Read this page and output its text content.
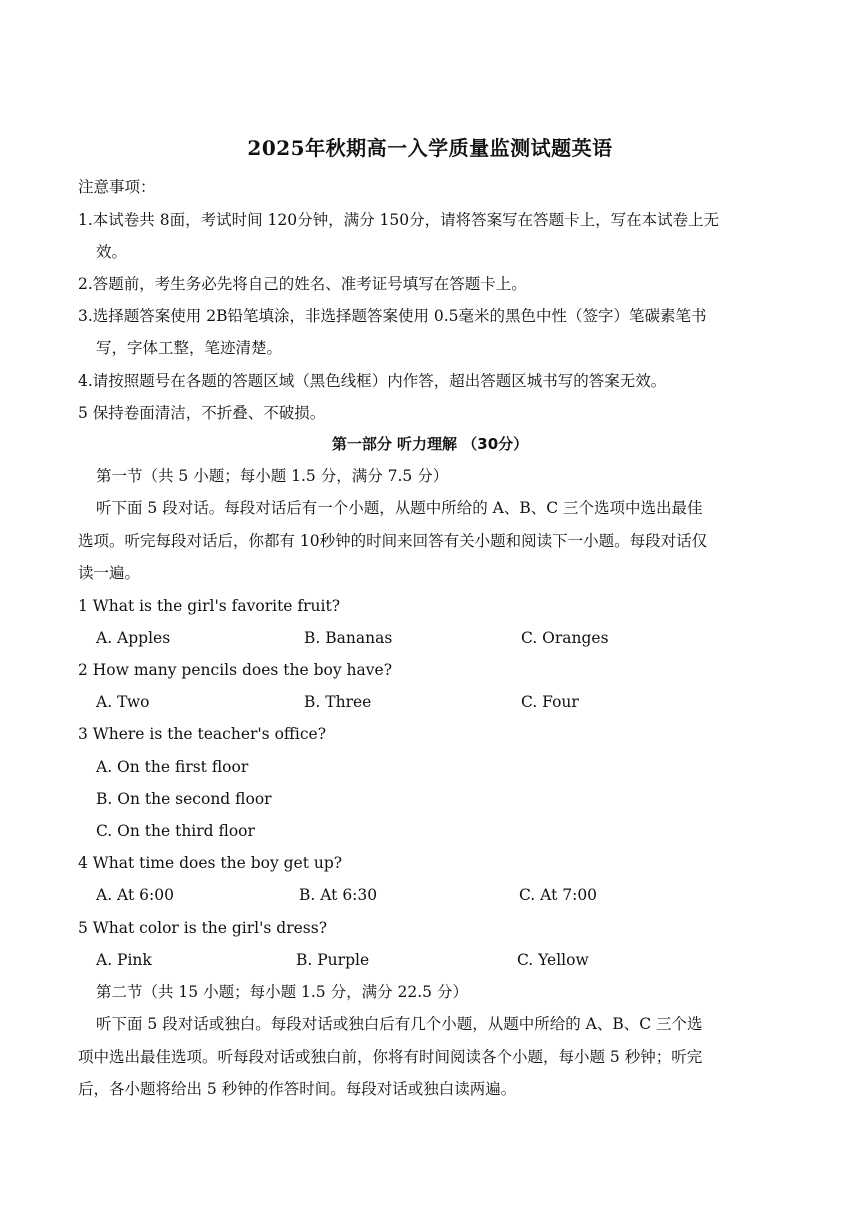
2025年秋期高一入学质量监测试题英语
注意事项：
1.本试卷共 8面，考试时间 120分钟，满分 150分，请将答案写在答题卡上，写在本试卷上无
效。
2.答题前，考生务必先将自己的姓名、准考证号填写在答题卡上。
3.选择题答案使用 2B铅笔填涂，非选择题答案使用 0.5毫米的黑色中性（签字）笔碳素笔书
写，字体工整，笔迹清楚。
4.请按照题号在各题的答题区域（黑色线框）内作答，超出答题区城书写的答案无效。
5 保持卷面清洁，不折叠、不破损。
第一部分 听力理解 （30分）
第一节（共 5 小题；每小题 1.5 分，满分 7.5 分）
听下面 5 段对话。每段对话后有一个小题，从题中所给的 A、B、C 三个选项中选出最佳
选项。听完每段对话后，你都有 10秒钟的时间来回答有关小题和阅读下一小题。每段对话仅
读一遍。
1 What is the girl's favorite fruit?
A. Apples	B. Bananas	C. Oranges
2 How many pencils does the boy have?
A. Two	B. Three	C. Four
3 Where is the teacher's office?
A. On the first floor
B. On the second floor
C. On the third floor
4 What time does the boy get up?
A. At 6:00	B. At 6:30	C. At 7:00
5 What color is the girl's dress?
A. Pink	B. Purple	C. Yellow
第二节（共 15 小题；每小题 1.5 分，满分 22.5 分）
听下面 5 段对话或独白。每段对话或独白后有几个小题，从题中所给的 A、B、C 三个选
项中选出最佳选项。听每段对话或独白前，你将有时间阅读各个小题，每小题 5 秒钟；听完
后，各小题将给出 5 秒钟的作答时间。每段对话或独白读两遍。
